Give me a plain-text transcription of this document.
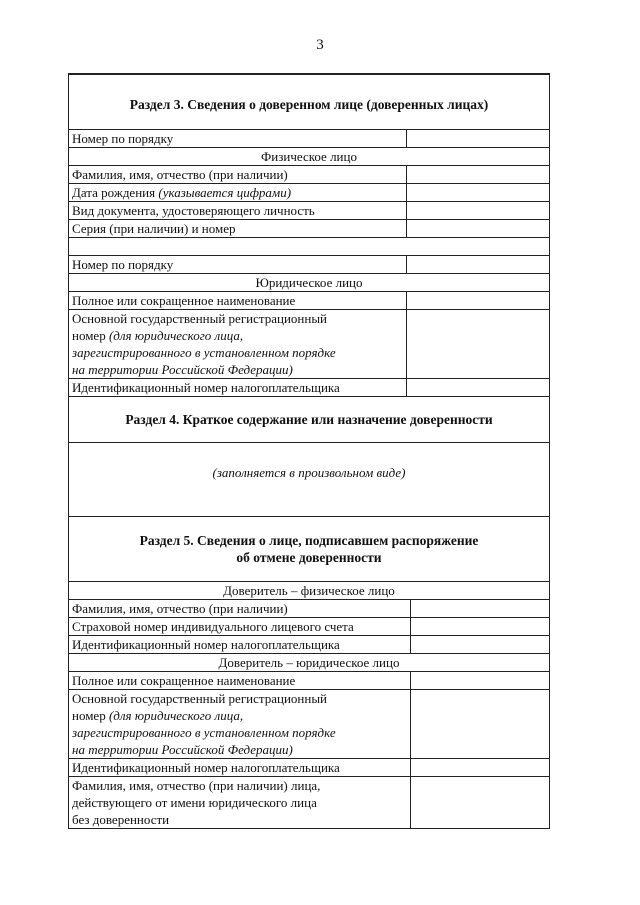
3
Раздел 3. Сведения о доверенном лице (доверенных лицах)
Номер по порядку
Физическое лицо
Фамилия, имя, отчество (при наличии)
Дата рождения (указывается цифрами)
Вид документа, удостоверяющего личность
Серия (при наличии) и номер
Номер по порядку
Юридическое лицо
Полное или сокращенное наименование
Основной государственный регистрационный
номер (для юридического лица,
зарегистрированного в установленном порядке
на территории Российской Федерации)
Идентификационный номер налогоплательщика
Раздел 4. Краткое содержание или назначение доверенности
(заполняется в произвольном виде)
Раздел 5. Сведения о лице, подписавшем распоряжение
об отмене доверенности
Доверитель – физическое лицо
Фамилия, имя, отчество (при наличии)
Страховой номер индивидуального лицевого счета
Идентификационный номер налогоплательщика
Доверитель – юридическое лицо
Полное или сокращенное наименование
Основной государственный регистрационный
номер (для юридического лица,
зарегистрированного в установленном порядке
на территории Российской Федерации)
Идентификационный номер налогоплательщика
Фамилия, имя, отчество (при наличии) лица,
действующего от имени юридического лица
без доверенности
